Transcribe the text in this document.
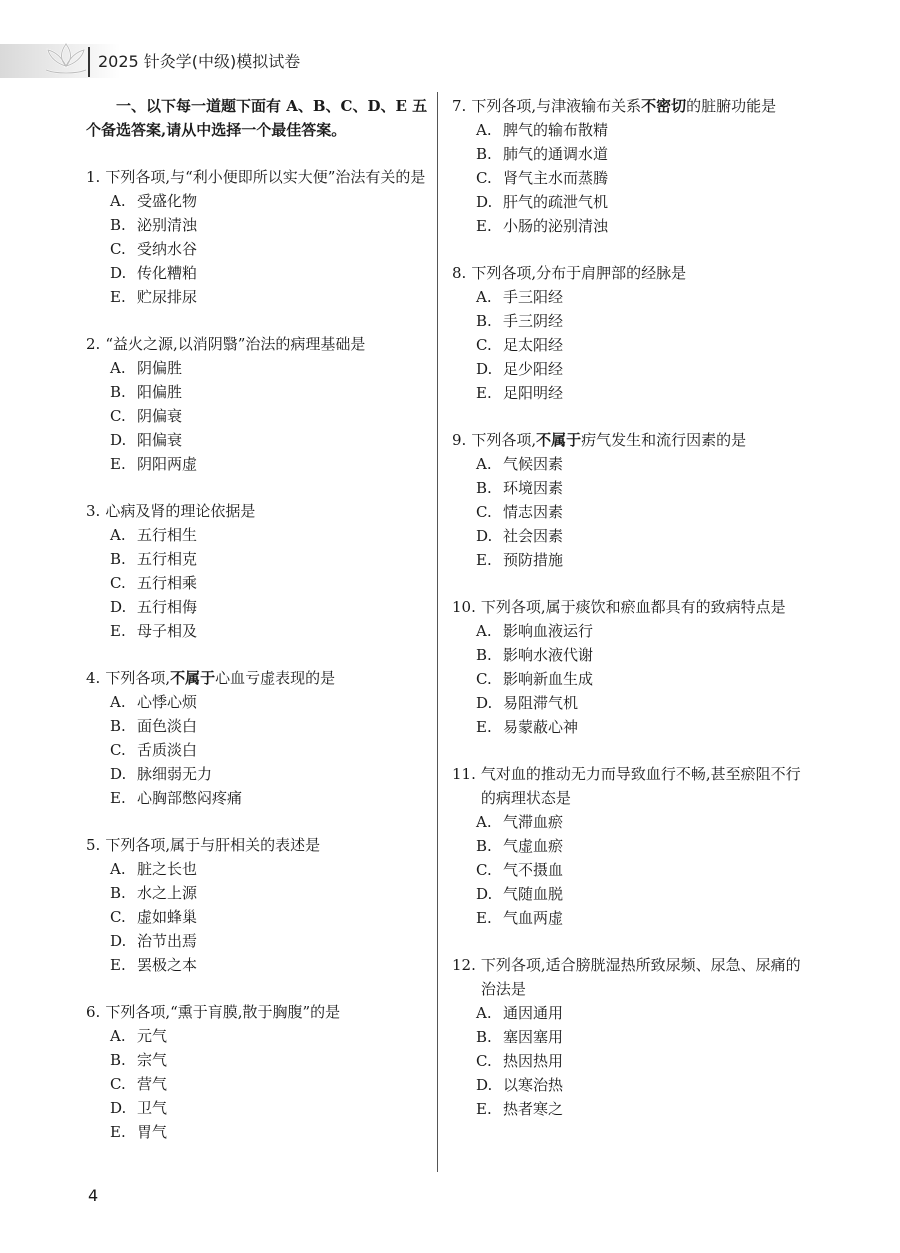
2025 针灸学(中级)模拟试卷
一、以下每一道题下面有 A、B、C、D、E 五个备选答案,请从中选择一个最佳答案。
1. 下列各项,与“利小便即所以实大便”治法有关的是
A. 受盛化物
B. 泌别清浊
C. 受纳水谷
D. 传化糟粕
E. 贮尿排尿
2. “益火之源,以消阴翳”治法的病理基础是
A. 阴偏胜
B. 阳偏胜
C. 阴偏衰
D. 阳偏衰
E. 阴阳两虚
3. 心病及肾的理论依据是
A. 五行相生
B. 五行相克
C. 五行相乘
D. 五行相侮
E. 母子相及
4. 下列各项,不属于心血亏虚表现的是
A. 心悸心烦
B. 面色淡白
C. 舌质淡白
D. 脉细弱无力
E. 心胸部憋闷疼痛
5. 下列各项,属于与肝相关的表述是
A. 脏之长也
B. 水之上源
C. 虚如蜂巢
D. 治节出焉
E. 罢极之本
6. 下列各项,“熏于肓膜,散于胸腹”的是
A. 元气
B. 宗气
C. 营气
D. 卫气
E. 胃气
7. 下列各项,与津液输布关系不密切的脏腑功能是
A. 脾气的输布散精
B. 肺气的通调水道
C. 肾气主水而蒸腾
D. 肝气的疏泄气机
E. 小肠的泌别清浊
8. 下列各项,分布于肩胛部的经脉是
A. 手三阳经
B. 手三阴经
C. 足太阳经
D. 足少阳经
E. 足阳明经
9. 下列各项,不属于疠气发生和流行因素的是
A. 气候因素
B. 环境因素
C. 情志因素
D. 社会因素
E. 预防措施
10. 下列各项,属于痰饮和瘀血都具有的致病特点是
A. 影响血液运行
B. 影响水液代谢
C. 影响新血生成
D. 易阻滞气机
E. 易蒙蔽心神
11. 气对血的推动无力而导致血行不畅,甚至瘀阻不行的病理状态是
A. 气滞血瘀
B. 气虚血瘀
C. 气不摄血
D. 气随血脱
E. 气血两虚
12. 下列各项,适合膀胱湿热所致尿频、尿急、尿痛的治法是
A. 通因通用
B. 塞因塞用
C. 热因热用
D. 以寒治热
E. 热者寒之
4
